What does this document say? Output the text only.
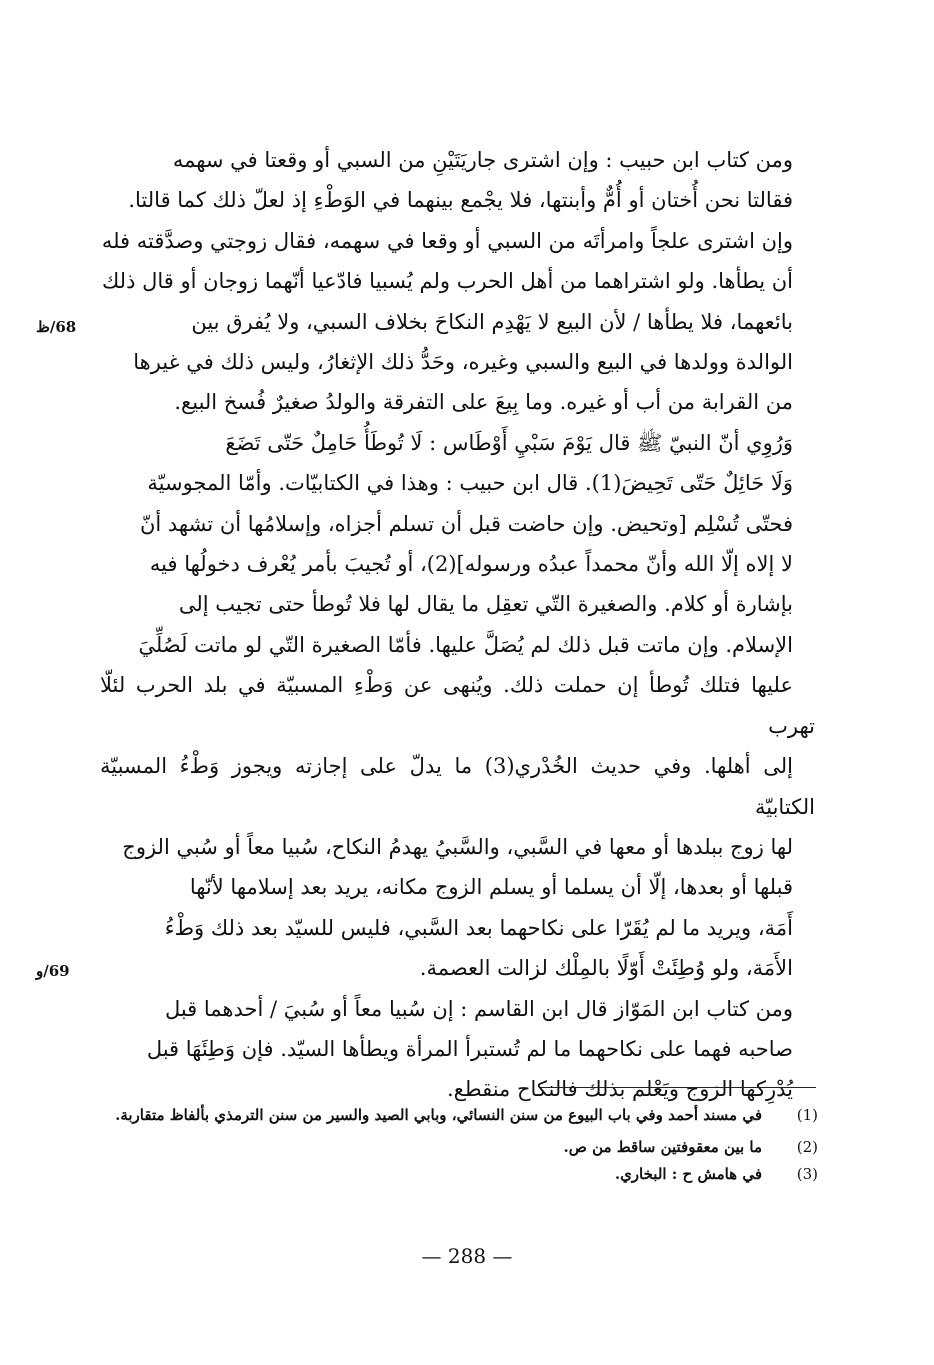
ومن كتاب ابن حبيب : وإن اشترى جاريَتَيْنِ من السبي أو وقعتا في سهمه
فقالتا نحن أُختان أو أُمٌّ وأبنتها، فلا يجْمع بينهما في الوَطْءِ إذ لعلّ ذلك كما قالتا.
وإن اشترى علجاً وامرأتَه من السبي أو وقعا في سهمه، فقال زوجتي وصدَّقته فله
أن يطأها. ولو اشتراهما من أهل الحرب ولم يُسبيا فادّعيا أنّهما زوجان أو قال ذلك
بائعهما، فلا يطأها / لأن البيع لا يَهْدِم النكاحَ بخلاف السبي، ولا يُفرق بين
الوالدة وولدها في البيع والسبي وغيره، وحَدُّ ذلك الإثغارُ، وليس ذلك في غيرها
من القرابة من أب أو غيره. وما بِيعَ على التفرقة والولدُ صغيرٌ فُسخ البيع.

وَرُوِي أنّ النبيّ ﷺ قال يَوْمَ سَبْيِ أَوْطَاس : لَا تُوطَأُ حَامِلٌ حَتّى تَضَعَ
وَلَا حَائِلٌ حَتّى تَحِيضَ(1). قال ابن حبيب : وهذا في الكتابيّات. وأمّا المجوسيّة
فحتّى تُسْلِم [وتحيض. وإن حاضت قبل أن تسلم أجزاه، وإسلامُها أن تشهد أنّ
لا إلاه إلّا الله وأنّ محمداً عبدُه ورسوله](2)، أو تُجيبَ بأمر يُعْرف دخولُها فيه
بإشارة أو كلام. والصغيرة التّي تعقِل ما يقال لها فلا تُوطأ حتى تجيب إلى
الإسلام. وإن ماتت قبل ذلك لم يُصَلَّ عليها. فأمّا الصغيرة التّي لو ماتت لَصُلِّيَ
عليها فتلك تُوطأ إن حملت ذلك. ويُنهى عن وَطْءِ المسبيّة في بلد الحرب لئلّا تهرب
إلى أهلها. وفي حديث الخُدْري(3) ما يدلّ على إجازته ويجوز وَطْءُ المسبيّة الكتابيّة
لها زوج ببلدها أو معها في السَّبي، والسَّبيُ يهدمُ النكاح، سُبيا معاً أو سُبي الزوج
قبلها أو بعدها، إلّا أن يسلما أو يسلم الزوج مكانه، يريد بعد إسلامها لأنّها
أَمَة، ويريد ما لم يُقَرّا على نكاحهما بعد السَّبي، فليس للسيّد بعد ذلك وَطْءُ
الأَمَة، ولو وُطِئَتْ أَوّلًا بالمِلْك لزالت العصمة.

ومن كتاب ابن المَوّاز قال ابن القاسم : إن سُبيا معاً أو سُبيَ / أحدهما قبل
صاحبه فهما على نكاحهما ما لم تُستبرأ المرأة ويطأها السيّد. فإن وَطِئَهَا قبل
يُدْرِكها الزوج ويَعْلم بذلك فالنكاح منقطع.

68/ظ
69/و
(1)
في مسند أحمد وفي باب البيوع من سنن النسائي، وبابي الصيد والسير من سنن الترمذي بألفاظ متقاربة.
(2)
ما بين معقوفتين ساقط من ص.
(3)
في هامش ح : البخاري.
— 288 —
